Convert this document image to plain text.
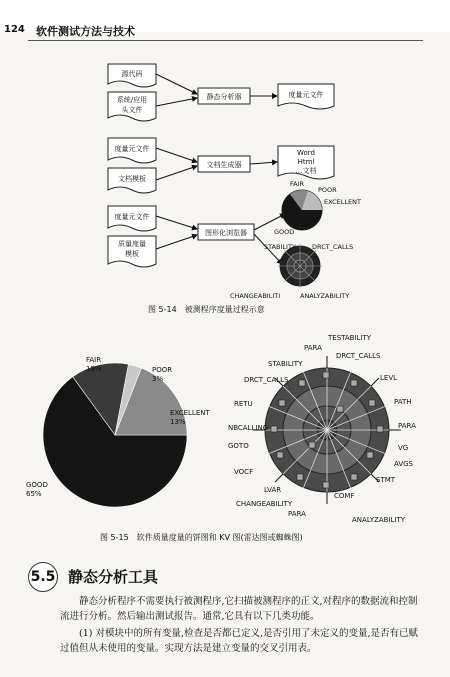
124 软件测试方法与技术
源代码
系统/应用
头文件
度量元文件
文档模板
度量元文件
质量度量
模板
度量元文件
Word
Html
…文档
静态分析器
文档生成器
图形化浏览器
FAIR
POOR
EXCELLENT
GOOD
STABILITY DRCT_CALLS
CHANGEABILITI	ANALYZABILITY
图 5-14　被测程序度量过程示意
GOOD 65%
EXCELLENT 13%
POOR 3%
FAIR 19%
TESTABILITY
PARA
DRCT_CALLS
STABILITY
LEVL
DRCT_CALLS
PATH
RETU
PARA
NBCALLING
VG
GOTO
AVGS
VOCF
STMT
LVAR
COMF
CHANGEABILITY
PARA
ANALYZABILITY
图 5-15　软件质量度量的饼图和 KV 图(雷达图或蜘蛛图)
5.5 静态分析工具
静态分析程序不需要执行被测程序,它扫描被测程序的正文,对程序的数据流和控制流进行分析。然后输出测试报告。通常,它具有以下几类功能。
(1) 对模块中的所有变量,检查是否都已定义,是否引用了未定义的变量,是否有已赋过值但从未使用的变量。实现方法是建立变量的交叉引用表。
